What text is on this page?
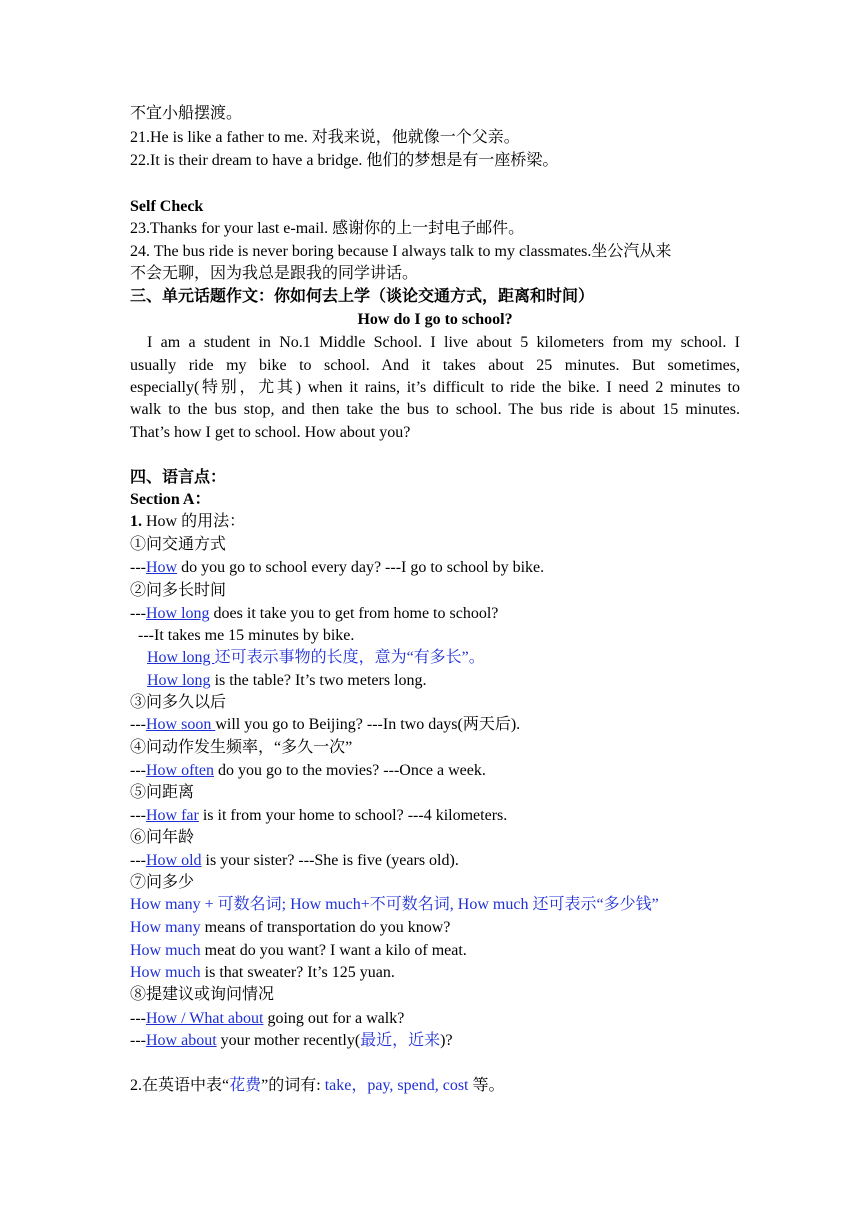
不宜小船摆渡。
21.He is like a father to me. 对我来说，他就像一个父亲。
22.It is their dream to have a bridge. 他们的梦想是有一座桥梁。
Self Check
23.Thanks for your last e-mail. 感谢你的上一封电子邮件。
24. The bus ride is never boring because I always talk to my classmates.坐公汽从来
不会无聊，因为我总是跟我的同学讲话。
三、单元话题作文：你如何去上学（谈论交通方式，距离和时间）
How do I go to school?
I am a student in No.1 Middle School. I live about 5 kilometers from my school. I
usually ride my bike to school. And it takes about 25 minutes. But sometimes,
especially(特别，尤其) when it rains, it’s difficult to ride the bike. I need 2 minutes to
walk to the bus stop, and then take the bus to school. The bus ride is about 15 minutes.
That’s how I get to school. How about you?
四、语言点：
Section A：
1. How 的用法：
①问交通方式
---How do you go to school every day? ---I go to school by bike.
②问多长时间
---How long does it take you to get from home to school?
---It takes me 15 minutes by bike.
How long 还可表示事物的长度，意为“有多长”。
How long is the table? It’s two meters long.
③问多久以后
---How soon will you go to Beijing? ---In two days(两天后).
④问动作发生频率，“多久一次”
---How often do you go to the movies? ---Once a week.
⑤问距离
---How far is it from your home to school? ---4 kilometers.
⑥问年龄
---How old is your sister? ---She is five (years old).
⑦问多少
How many + 可数名词; How much+不可数名词, How much 还可表示“多少钱”
How many means of transportation do you know?
How much meat do you want? I want a kilo of meat.
How much is that sweater? It’s 125 yuan.
⑧提建议或询问情况
---How / What about going out for a walk?
---How about your mother recently(最近，近来)?
2.在英语中表“花费”的词有: take，pay, spend, cost 等。
